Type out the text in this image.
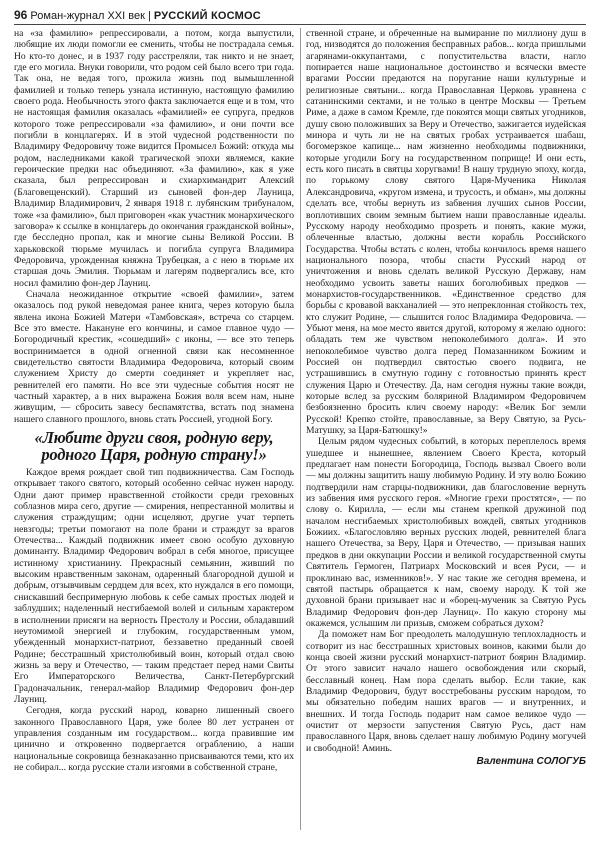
96 Роман-журнал XXI век | РУССКИЙ КОСМОС

на «за фамилию» репрессировали, а потом, когда выпустили, любящие их люди помогли ее сменить, чтобы не пострадала семья. Но кто-то донес, и в 1937 году расстреляли, так никто и не знает, где его могила. Внуки говорили, что родом сей было всего три года. Так она, не ведая того, прожила жизнь под вымышленной фамилией и только теперь узнала истинную, настоящую фамилию своего рода. Необычность этого факта заключается еще и в том, что не настоящая фамилия оказалась «фамилией» ее супруга, предков которого тоже репрессировали «за фамилию», и они почти все погибли в концлагерях. И в этой чудесной родственности по Владимиру Федоровичу тоже видится Промысел Божий: откуда мы родом, наследниками какой трагической эпохи являемся, какие героические предки нас объединяют. «За фамилию», как я уже сказала, был репрессирован и схиархимандрит Алексий (Благовещенский). Старший из сыновей фон-дер Лауница, Владимир Владимирович, 2 января 1918 г. лубянским трибуналом, тоже «за фамилию», был приговорен «как участник монархического заговора» к ссылке в концлагерь до окончания гражданской войны», где бесследно пропал, как и многие сыны Великой России. В харьковской тюрьме мучилась и погибла супруга Владимира Федоровича, урожденная княжна Трубецкая, а с нею в тюрьме их старшая дочь Эмилия. Тюрьмам и лагерям подвергались все, кто носил фамилию фон-дер Лауниц.

Сначала неожиданное открытие «своей фамилии», затем оказалось под рукой неведомая ранее книга, через которую была явлена икона Божией Матери «Тамбовская», встреча со старцем. Все это вместе. Накануне его кончины, и самое главное чудо — Богородичный крестик, «сошедший» с иконы, — все это теперь воспринимается в одной огненной связи как несомненное свидетельство святости Владимира Федоровича, который своим служением Христу до смерти соединяет и укрепляет нас, ревнителей его памяти. Но все эти чудесные события носят не частный характер, а в них выражена Божия воля всем нам, ныне живущим, — сбросить завесу беспамятства, встать под знамена нашего славного прошлого, вновь стать Россией, угодной Богу.

«Любите други своя, родную веру, родного Царя, родную страну!»

Каждое время рождает свой тип подвижничества. Сам Господь открывает такого святого, который особенно сейчас нужен народу. Одни дают пример нравственной стойкости среди греховных соблазнов мира сего, другие — смирения, непрестанной молитвы и служения страждущим; одни исцеляют, другие учат терпеть невзгоды; третьи помогают на поле брани и страждут за врагов Отечества... Каждый подвижник имеет свою особую духовную доминанту. Владимир Федорович вобрал в себя многое, присущее истинному христианину. Прекрасный семьянин, живший по высоким нравственным законам, одаренный благородной душой и добрым, отзывчивым сердцем для всех, кто нуждался в его помощи, снискавший беспримерную любовь к себе самых простых людей и заблудших; наделенный несгибаемой волей и сильным характером в исполнении присяги на верность Престолу и России, обладавший неутомимой энергией и глубоким, государственным умом, убежденный монархист-патриот, беззаветно преданный своей Родине; бесстрашный христолюбивый воин, который отдал свою жизнь за веру и Отечество, — таким предстает перед нами Свиты Его Императорского Величества, Санкт-Петербургский Градоначальник, генерал-майор Владимир Федорович фон-дер Лауниц.

Сегодня, когда русский народ, коварно лишенный своего законного Православного Царя, уже более 80 лет устранен от управления созданным им государством... когда правившие им цинично и откровенно подвергается ограблению, а наши национальные сокровища безнаказанно присваиваются теми, кто их не собирал... когда русские стали изгоями в собственной стране,

ственной стране, и обреченные на вымирание по миллиону душ в год, низводятся до положения бесправных рабов... когда пришлыми агарянами-оккупантами, с попустительства власти, нагло попирается наше национальное достоинство и всячески вместе врагами России предаются на поругание наши культурные и религиозные святыни... когда Православная Церковь уравнена с сатанинскими сектами, и не только в центре Москвы — Третьем Риме, а даже в самом Кремле, где покоятся мощи святых угодников, душу свою положивших за Веру и Отечество, зажигается иудейская минора и чуть ли не на святых гробах устраивается шабаш, богомерзкое капище... нам жизненно необходимы подвижники, которые угодили Богу на государственном поприще! И они есть, есть кого писать в святцы хоругвами! В нашу трудную эпоху, когда, по горькому слову святого Царя-Мученика Николая Александровича, «кругом измена, и трусость, и обман», мы должны сделать все, чтобы вернуть из забвения лучших сынов России, воплотивших своим земным бытием наши православные идеалы. Русскому народу необходимо прозреть и понять, какие мужи, облеченные властью, должны вести корабль Российского Государства. Чтобы встать с колен, чтобы кончилось время нашего национального позора, чтобы спасти Русский народ от уничтожения и вновь сделать великой Русскую Державу, нам необходимо усвоить заветы наших боголюбивых предков — монархистов-государственников. «Единственное средство для борьбы с кровавой вакханалией — это непреклонная стойкость тех, кто служит Родине, — слышится голос Владимира Федоровича. — Убьют меня, на мое место явится другой, которому я желаю одного: обладать тем же чувством непоколебимого долга». И это непоколебимое чувство долга перед Помазанником Божиим и Россией он подтвердил святостью своего подвига, не устрашившись в смутную годину с готовностью принять крест служения Царю и Отечеству. Да, нам сегодня нужны такие вожди, которые вслед за русским боляриной Владимиром Федоровичем безбоязненно бросить клич своему народу: «Велик Бог земли Русской! Крепко стойте, православные, за Веру Святую, за Русь-Матушку, за Царя-Батюшку!»

Целым рядом чудесных событий, в которых переплелось время ушедшее и нынешнее, явлением Своего Креста, который предлагает нам понести Богородица, Господь вызвал Своего воли — мы должны защитить нашу любимую Родину. И эту волю Божию подтвердили нам старцы-подвижники, дав благословение вернуть из забвения имя русского героя. «Многие грехи простятся», — по слову о. Кирилла, — если мы станем крепкой дружиной под началом несгибаемых христолюбивых вождей, святых угодников Божиих. «Благословляю верных русских людей, ревнителей блага нашего Отечества, за Веру, Царя и Отечество, — призывая наших предков в дни оккупации России и великой государственной смуты Святитель Гермоген, Патриарх Московский и всея Руси, — и проклинаю вас, изменников!». У нас такие же сегодня времена, и святой пастырь обращается к нам, своему народу. К той же духовной брани призывает нас и «борец-мученик за Святую Русь Владимир Федорович фон-дер Лауниц». По какую сторону мы окажемся, услышим ли призыв, сможем собраться духом?

Да поможет нам Бог преодолеть малодушную теплохладность и сотворит из нас бесстрашных христовых воинов, какими были до конца своей жизни русский монархист-патриот боярин Владимир. От этого зависит начало нашего освобождения или скорый, бесславный конец. Нам пора сделать выбор. Если такие, как Владимир Федорович, будут восстребованы русским народом, то мы обязательно победим наших врагов — и внутренних, и внешних. И тогда Господь подарит нам самое великое чудо — очистит от мерзости запустения Святую Русь, даст нам православного Царя, вновь сделает нашу любимую Родину могучей и свободной! Аминь.

Валентина СОЛОГУБ
